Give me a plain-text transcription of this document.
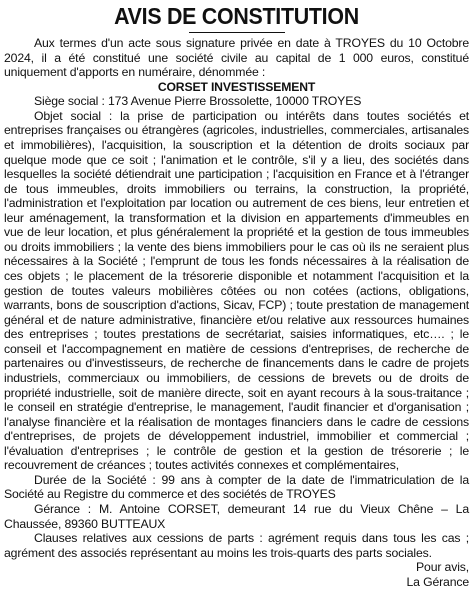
AVIS DE CONSTITUTION

Aux termes d'un acte sous signature privée en date à TROYES du 10 Octobre 2024, il a été constitué une société civile au capital de 1 000 euros, constitué uniquement d'apports en numéraire, dénommée :

CORSET INVESTISSEMENT

Siège social : 173 Avenue Pierre Brossolette, 10000 TROYES

Objet social : la prise de participation ou intérêts dans toutes sociétés et entreprises françaises ou étrangères (agricoles, industrielles, commerciales, artisanales et immobilières), l'acquisition, la souscription et la détention de droits sociaux par quelque mode que ce soit ; l'animation et le contrôle, s'il y a lieu, des sociétés dans lesquelles la société détiendrait une participation ; l'acquisition en France et à l'étranger de tous immeubles, droits immobiliers ou terrains, la construction, la propriété, l'administration et l'exploitation par location ou autrement de ces biens, leur entretien et leur aménagement, la transformation et la division en appartements d'immeubles en vue de leur location, et plus généralement la propriété et la gestion de tous immeubles ou droits immobiliers ; la vente des biens immobiliers pour le cas où ils ne seraient plus nécessaires à la Société ; l'emprunt de tous les fonds nécessaires à la réalisation de ces objets ; le placement de la trésorerie disponible et notamment l'acquisition et la gestion de toutes valeurs mobilières côtées ou non cotées (actions, obligations, warrants, bons de souscription d'actions, Sicav, FCP) ; toute prestation de management général et de nature administrative, financière et/ou relative aux ressources humaines des entreprises ; toutes prestations de secrétariat, saisies informatiques, etc…. ; le conseil et l'accompagnement en matière de cessions d'entreprises, de recherche de partenaires ou d'investisseurs, de recherche de financements dans le cadre de projets industriels, commerciaux ou immobiliers, de cessions de brevets ou de droits de propriété industrielle, soit de manière directe, soit en ayant recours à la sous-traitance ; le conseil en stratégie d'entreprise, le management, l'audit financier et d'organisation ; l'analyse financière et la réalisation de montages financiers dans le cadre de cessions d'entreprises, de projets de développement industriel, immobilier et commercial ; l'évaluation d'entreprises ; le contrôle de gestion et la gestion de trésorerie ; le recouvrement de créances ; toutes activités connexes et complémentaires,

Durée de la Société : 99 ans à compter de la date de l'immatriculation de la Société au Registre du commerce et des sociétés de TROYES

Gérance : M. Antoine CORSET, demeurant 14 rue du Vieux Chêne – La Chaussée, 89360 BUTTEAUX

Clauses relatives aux cessions de parts : agrément requis dans tous les cas ; agrément des associés représentant au moins les trois-quarts des parts sociales.

Pour avis,

La Gérance
